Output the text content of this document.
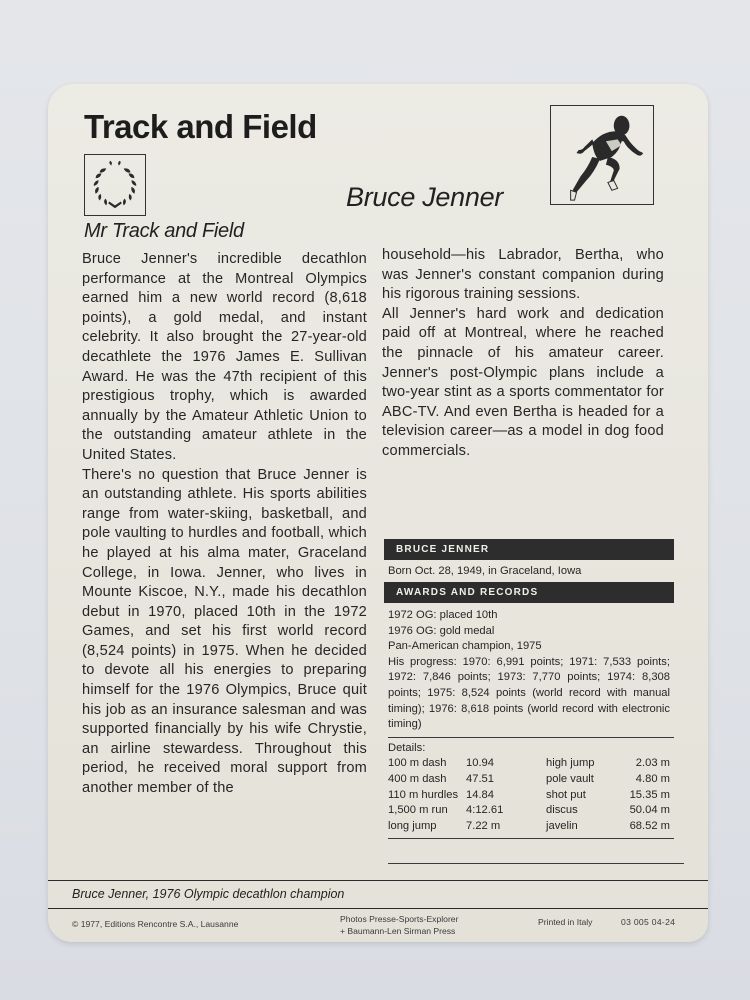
Track and Field
Bruce Jenner
Mr Track and Field

Bruce Jenner's incredible decathlon performance at the Montreal Olympics earned him a new world record (8,618 points), a gold medal, and instant celebrity. It also brought the 27-year-old decathlete the 1976 James E. Sullivan Award. He was the 47th recipient of this prestigious trophy, which is awarded annually by the Amateur Athletic Union to the outstanding amateur athlete in the United States.

There's no question that Bruce Jenner is an outstanding athlete. His sports abilities range from water-skiing, basketball, and pole vaulting to hurdles and football, which he played at his alma mater, Graceland College, in Iowa. Jenner, who lives in Mounte Kiscoe, N.Y., made his decathlon debut in 1970, placed 10th in the 1972 Games, and set his first world record (8,524 points) in 1975. When he decided to devote all his energies to preparing himself for the 1976 Olympics, Bruce quit his job as an insurance salesman and was supported financially by his wife Chrystie, an airline stewardess. Throughout this period, he received moral support from another member of the

household—his Labrador, Bertha, who was Jenner's constant companion during his rigorous training sessions.

All Jenner's hard work and dedication paid off at Montreal, where he reached the pinnacle of his amateur career. Jenner's post-Olympic plans include a two-year stint as a sports commentator for ABC-TV. And even Bertha is headed for a television career—as a model in dog food commercials.

BRUCE JENNER
Born Oct. 28, 1949, in Graceland, Iowa
AWARDS AND RECORDS
1972 OG: placed 10th
1976 OG: gold medal
Pan-American champion, 1975
His progress: 1970: 6,991 points; 1971: 7,533 points; 1972: 7,846 points; 1973: 7,770 points; 1974: 8,308 points; 1975: 8,524 points (world record with manual timing); 1976: 8,618 points (world record with electronic timing)
Details:
100 m dash	10.94	high jump	2.03 m
400 m dash	47.51	pole vault	4.80 m
110 m hurdles	14.84	shot put	15.35 m
1,500 m run	4:12.61	discus	50.04 m
long jump	7.22 m	javelin	68.52 m
Bruce Jenner, 1976 Olympic decathlon champion
© 1977, Editions Rencontre S.A., Lausanne	Photos Presse-Sports-Explorer
+ Baumann-Len Sirman Press
Printed in Italy	03 005 04-24
